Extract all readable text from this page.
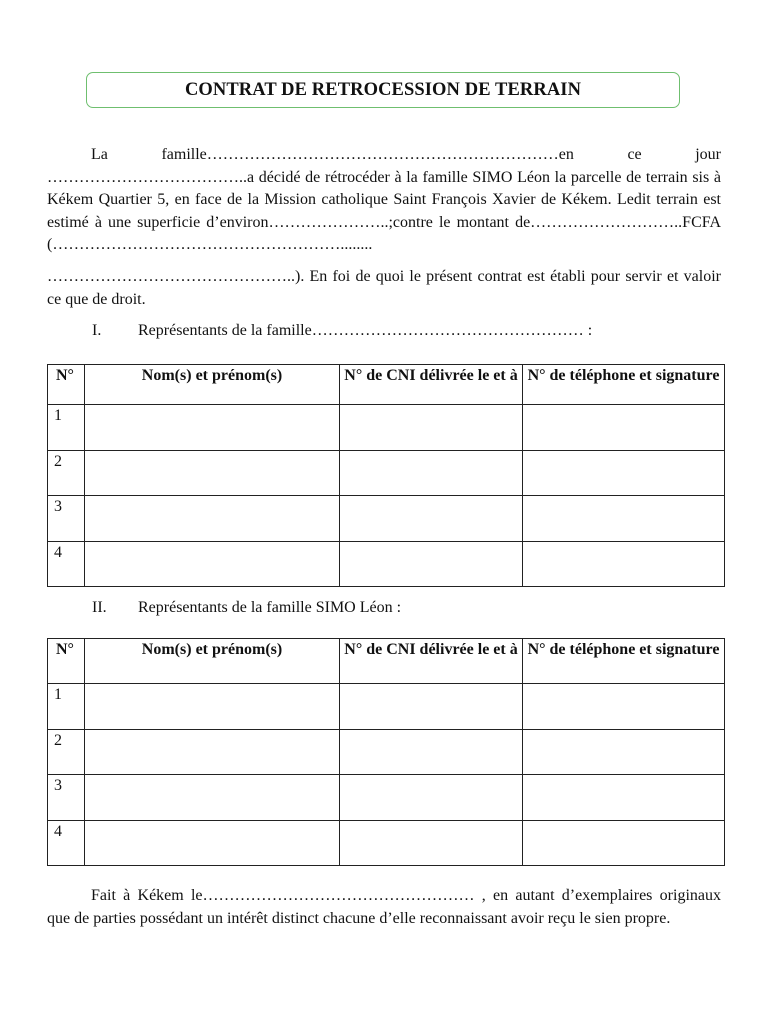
CONTRAT DE RETROCESSION DE TERRAIN

La famille…………………………………………………………en ce jour ………………………………..a décidé de rétrocéder à la famille SIMO Léon la parcelle de terrain sis à Kékem Quartier 5, en face de la Mission catholique Saint François Xavier de Kékem. Ledit terrain est estimé à une superficie d’environ…………………..;contre le montant de………………………..FCFA (………………………………………………........

………………………………………..). En foi de quoi le présent contrat est établi pour servir et valoir ce que de droit.

I. Représentants de la famille…………………………………………… :

N°	Nom(s) et prénom(s)	N° de CNI délivrée le et à	N° de téléphone et signature
1			
2			
3			
4			

II. Représentants de la famille SIMO Léon :

N°	Nom(s) et prénom(s)	N° de CNI délivrée le et à	N° de téléphone et signature
1			
2			
3			
4			

Fait à Kékem le…………………………………………… , en autant d’exemplaires originaux que de parties possédant un intérêt distinct chacune d’elle reconnaissant avoir reçu le sien propre.
